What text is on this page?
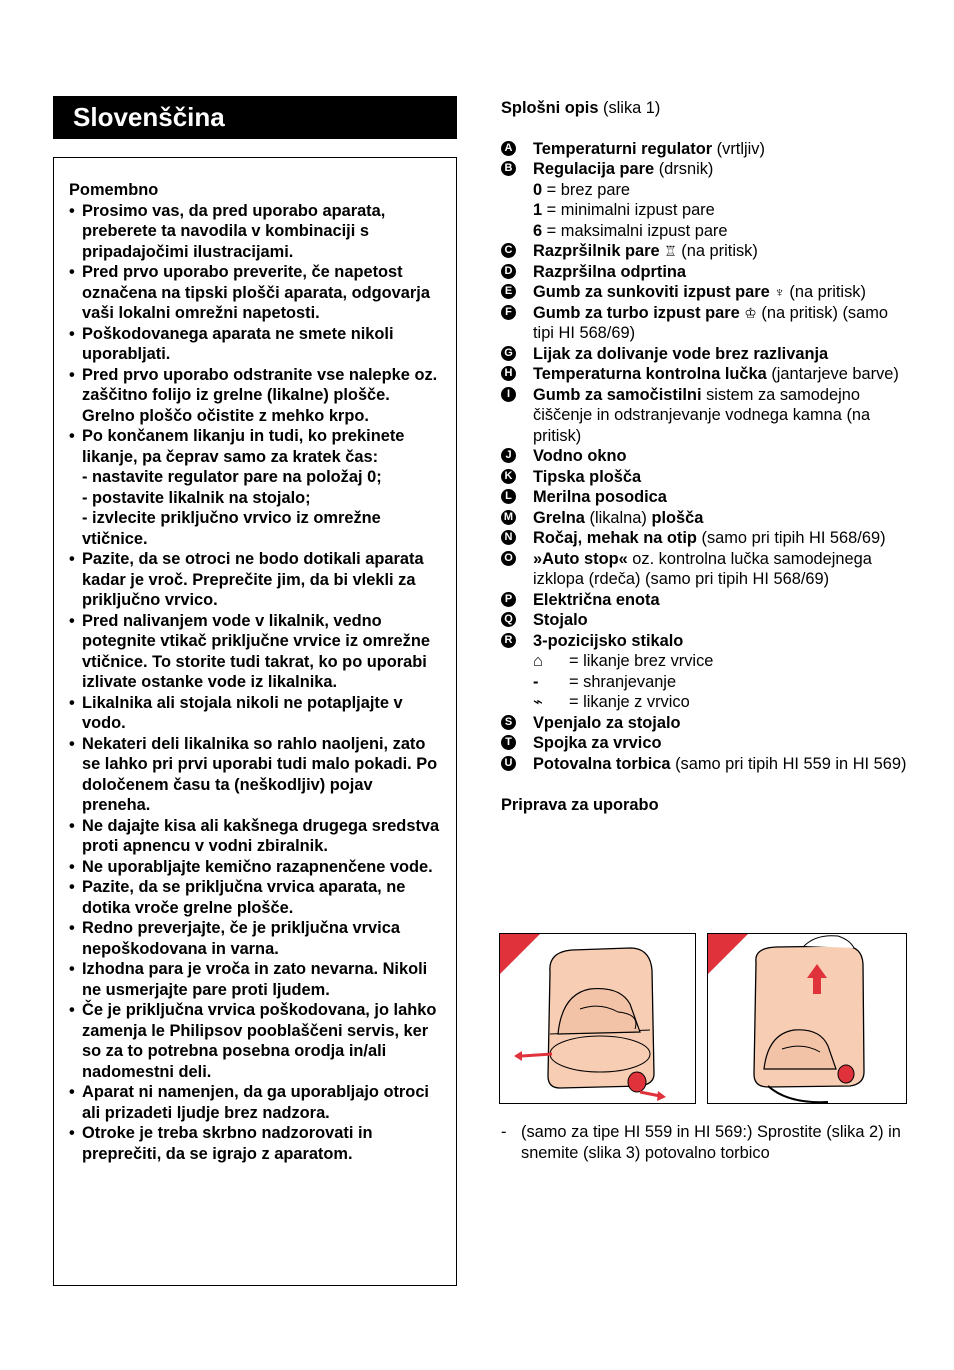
Slovenščina
Pomembno
• Prosimo vas, da pred uporabo aparata, preberete ta navodila v kombinaciji s pripadajočimi ilustracijami.
• Pred prvo uporabo preverite, če napetost označena na tipski plošči aparata, odgovarja vaši lokalni omrežni napetosti.
• Poškodovanega aparata ne smete nikoli uporabljati.
• Pred prvo uporabo odstranite vse nalepke oz. zaščitno folijo iz grelne (likalne) plošče. Grelno ploščo očistite z mehko krpo.
• Po končanem likanju in tudi, ko prekinete likanje, pa čeprav samo za kratek čas:
- nastavite regulator pare na položaj 0;
- postavite likalnik na stojalo;
- izvlecite priključno vrvico iz omrežne vtičnice.
• Pazite, da se otroci ne bodo dotikali aparata kadar je vroč. Preprečite jim, da bi vlekli za priključno vrvico.
• Pred nalivanjem vode v likalnik, vedno potegnite vtikač priključne vrvice iz omrežne vtičnice. To storite tudi takrat, ko po uporabi izlivate ostanke vode iz likalnika.
• Likalnika ali stojala nikoli ne potapljajte v vodo.
• Nekateri deli likalnika so rahlo naoljeni, zato se lahko pri prvi uporabi tudi malo pokadi. Po določenem času ta (neškodljiv) pojav preneha.
• Ne dajajte kisa ali kakšnega drugega sredstva proti apnencu v vodni zbiralnik.
• Ne uporabljajte kemično razapnenčene vode.
• Pazite, da se priključna vrvica aparata, ne dotika vroče grelne plošče.
• Redno preverjajte, če je priključna vrvica nepoškodovana in varna.
• Izhodna para je vroča in zato nevarna. Nikoli ne usmerjajte pare proti ljudem.
• Če je priključna vrvica poškodovana, jo lahko zamenja le Philipsov pooblaščeni servis, ker so za to potrebna posebna orodja in/ali nadomestni deli.
• Aparat ni namenjen, da ga uporabljajo otroci ali prizadeti ljudje brez nadzora.
• Otroke je treba skrbno nadzorovati in preprečiti, da se igrajo z aparatom.
Splošni opis (slika 1)
A Temperaturni regulator (vrtljiv)
B Regulacija pare (drsnik)
0 = brez pare
1 = minimalni izpust pare
6 = maksimalni izpust pare
C Razpršilnik pare ♖ (na pritisk)
D Razpršilna odprtina
E Gumb za sunkoviti izpust pare ♆ (na pritisk)
F Gumb za turbo izpust pare ♔ (na pritisk) (samo tipi HI 568/69)
G Lijak za dolivanje vode brez razlivanja
H Temperaturna kontrolna lučka (jantarjeve barve)
I	Gumb za samočistilni sistem za samodejno čiščenje in odstranjevanje vodnega kamna (na pritisk)
J Vodno okno
K Tipska plošča
L Merilna posodica
M Grelna (likalna) plošča
N Ročaj, mehak na otip (samo pri tipih HI 568/69)
O »Auto stop« oz. kontrolna lučka samodejnega izklopa (rdeča) (samo pri tipih HI 568/69)
P Električna enota
Q Stojalo
R 3-pozicijsko stikalo
⌂	= likanje brez vrvice
-	= shranjevanje
⌁	= likanje z vrvico
S Vpenjalo za stojalo
T Spojka za vrvico
U Potovalna torbica (samo pri tipih HI 559 in HI 569)
Priprava za uporabo
- (samo za tipe HI 559 in HI 569:) Sprostite (slika 2) in snemite (slika 3) potovalno torbico
